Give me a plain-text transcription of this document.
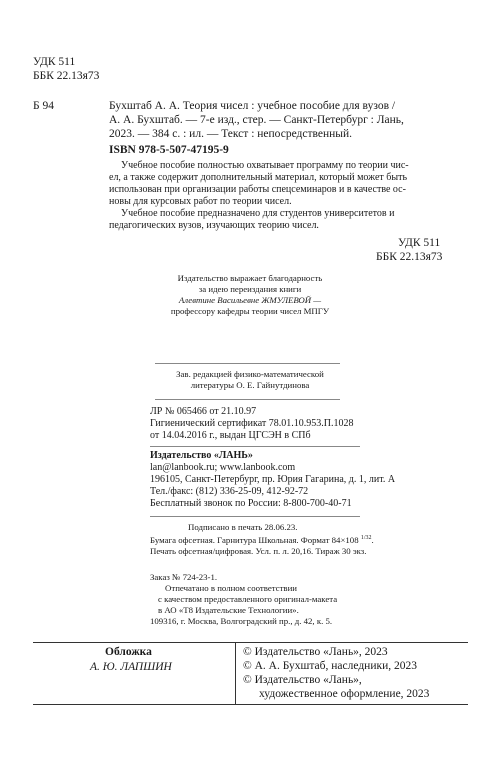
УДК 511
ББК 22.13я73
Б 94	Бухштаб А. А. Теория чисел : учебное пособие для вузов /
А. А. Бухштаб. — 7-е изд., стер. — Санкт-Петербург : Лань,
2023. — 384 с. : ил. — Текст : непосредственный.
ISBN 978-5-507-47195-9
Учебное пособие полностью охватывает программу по теории чис-
ел, а также содержит дополнительный материал, который может быть
использован при организации работы спецсеминаров и в качестве ос-
новы для курсовых работ по теории чисел.
Учебное пособие предназначено для студентов университетов и
педагогических вузов, изучающих теорию чисел.
УДК 511
ББК 22.13я73
Издательство выражает благодарность
за идею переиздания книги
Алевтине Васильевне ЖМУЛЕВОЙ —
профессору кафедры теории чисел МПГУ
Зав. редакцией физико-математической
литературы О. Е. Гайнутдинова
ЛР № 065466 от 21.10.97
Гигиенический сертификат 78.01.10.953.П.1028
от 14.04.2016 г., выдан ЦГСЭН в СПб
Издательство «ЛАНЬ»
lan@lanbook.ru; www.lanbook.com
196105, Санкт-Петербург, пр. Юрия Гагарина, д. 1, лит. А
Тел./факс: (812) 336-25-09, 412-92-72
Бесплатный звонок по России: 8-800-700-40-71
Подписано в печать 28.06.23.
Бумага офсетная. Гарнитура Школьная. Формат 84×108 $^{1/32}$.
Печать офсетная/цифровая. Усл. п. л. 20,16. Тираж 30 экз.
Заказ № 724-23-1.
Отпечатано в полном соответствии
с качеством предоставленного оригинал-макета
в АО «Т8 Издательские Технологии».
109316, г. Москва, Волгоградский пр., д. 42, к. 5.
Обложка
А. Ю. ЛАПШИН
© Издательство «Лань», 2023
© А. А. Бухштаб, наследники, 2023
© Издательство «Лань»,
художественное оформление, 2023
